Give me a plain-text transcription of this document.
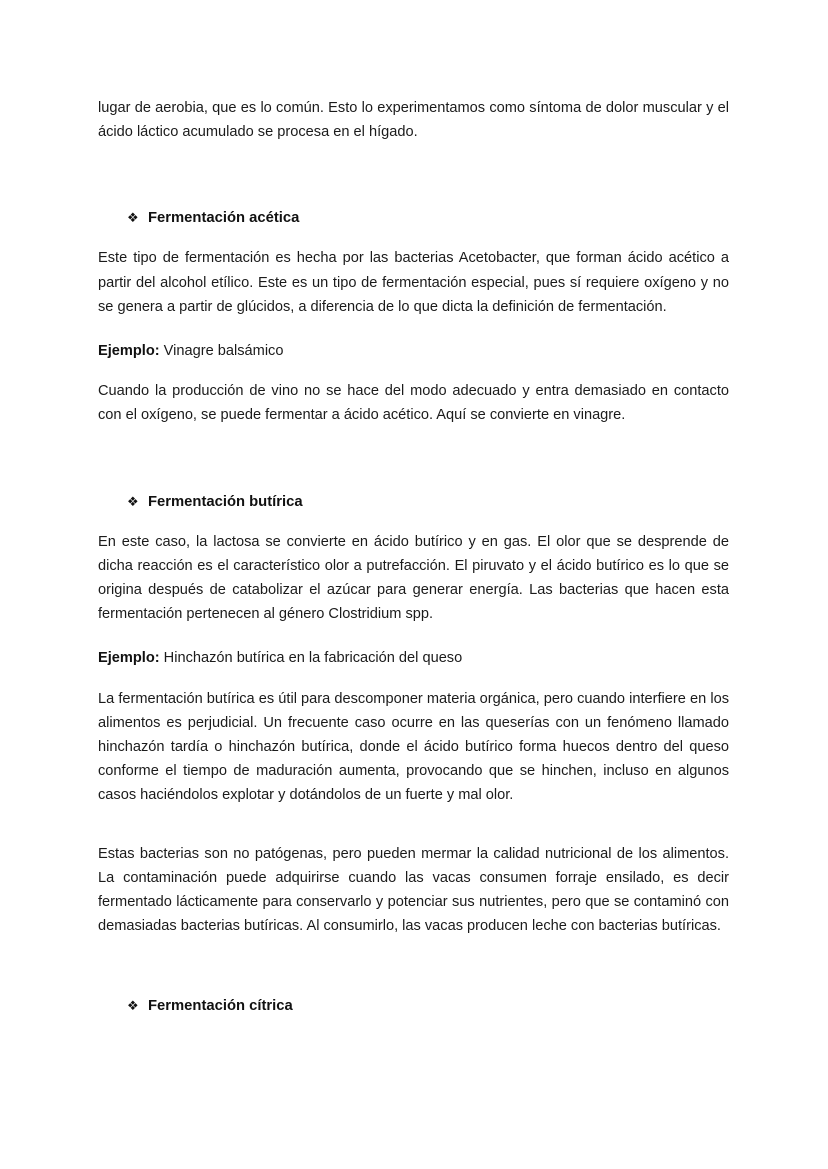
lugar de aerobia, que es lo común. Esto lo experimentamos como síntoma de dolor muscular y el ácido láctico acumulado se procesa en el hígado.

❖ Fermentación acética

Este tipo de fermentación es hecha por las bacterias Acetobacter, que forman ácido acético a partir del alcohol etílico. Este es un tipo de fermentación especial, pues sí requiere oxígeno y no se genera a partir de glúcidos, a diferencia de lo que dicta la definición de fermentación.

Ejemplo: Vinagre balsámico

Cuando la producción de vino no se hace del modo adecuado y entra demasiado en contacto con el oxígeno, se puede fermentar a ácido acético. Aquí se convierte en vinagre.

❖ Fermentación butírica

En este caso, la lactosa se convierte en ácido butírico y en gas. El olor que se desprende de dicha reacción es el característico olor a putrefacción. El piruvato y el ácido butírico es lo que se origina después de catabolizar el azúcar para generar energía. Las bacterias que hacen esta fermentación pertenecen al género Clostridium spp.

Ejemplo: Hinchazón butírica en la fabricación del queso

La fermentación butírica es útil para descomponer materia orgánica, pero cuando interfiere en los alimentos es perjudicial. Un frecuente caso ocurre en las queserías con un fenómeno llamado hinchazón tardía o hinchazón butírica, donde el ácido butírico forma huecos dentro del queso conforme el tiempo de maduración aumenta, provocando que se hinchen, incluso en algunos casos haciéndolos explotar y dotándolos de un fuerte y mal olor.

Estas bacterias son no patógenas, pero pueden mermar la calidad nutricional de los alimentos. La contaminación puede adquirirse cuando las vacas consumen forraje ensilado, es decir fermentado lácticamente para conservarlo y potenciar sus nutrientes, pero que se contaminó con demasiadas bacterias butíricas. Al consumirlo, las vacas producen leche con bacterias butíricas.

❖ Fermentación cítrica
